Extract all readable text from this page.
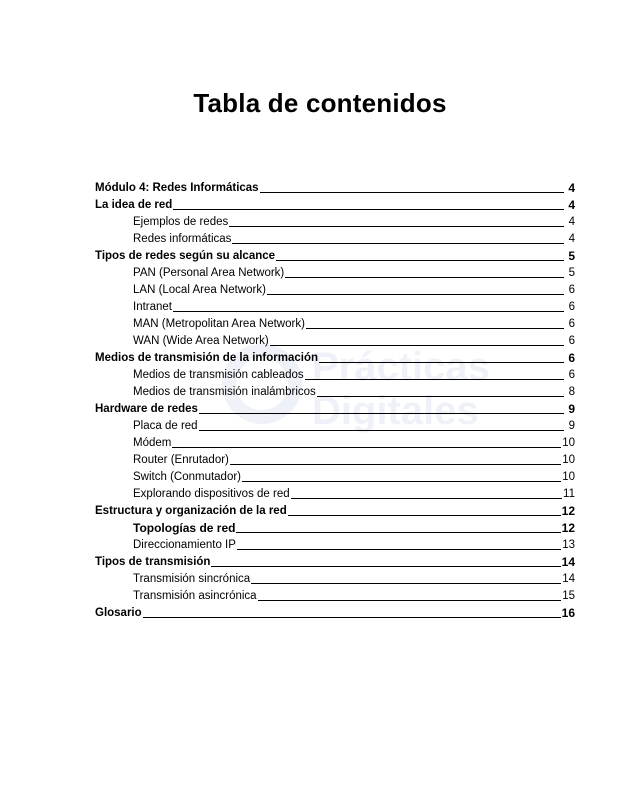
Prácticas
Digitales
Tabla de contenidos
Módulo 4: Redes Informáticas	4
La idea de red	4
Ejemplos de redes	4
Redes informáticas	4
Tipos de redes según su alcance	5
PAN (Personal Area Network)	5
LAN (Local Area Network)	6
Intranet	6
MAN (Metropolitan Area Network)	6
WAN (Wide Area Network)	6
Medios de transmisión de la información	6
Medios de transmisión cableados	6
Medios de transmisión inalámbricos	8
Hardware de redes	9
Placa de red	9
Módem	10
Router (Enrutador)	10
Switch (Conmutador)	10
Explorando dispositivos de red	11
Estructura y organización de la red	12
Topologías de red	12
Direccionamiento IP	13
Tipos de transmisión	14
Transmisión sincrónica	14
Transmisión asincrónica	15
Glosario	16
